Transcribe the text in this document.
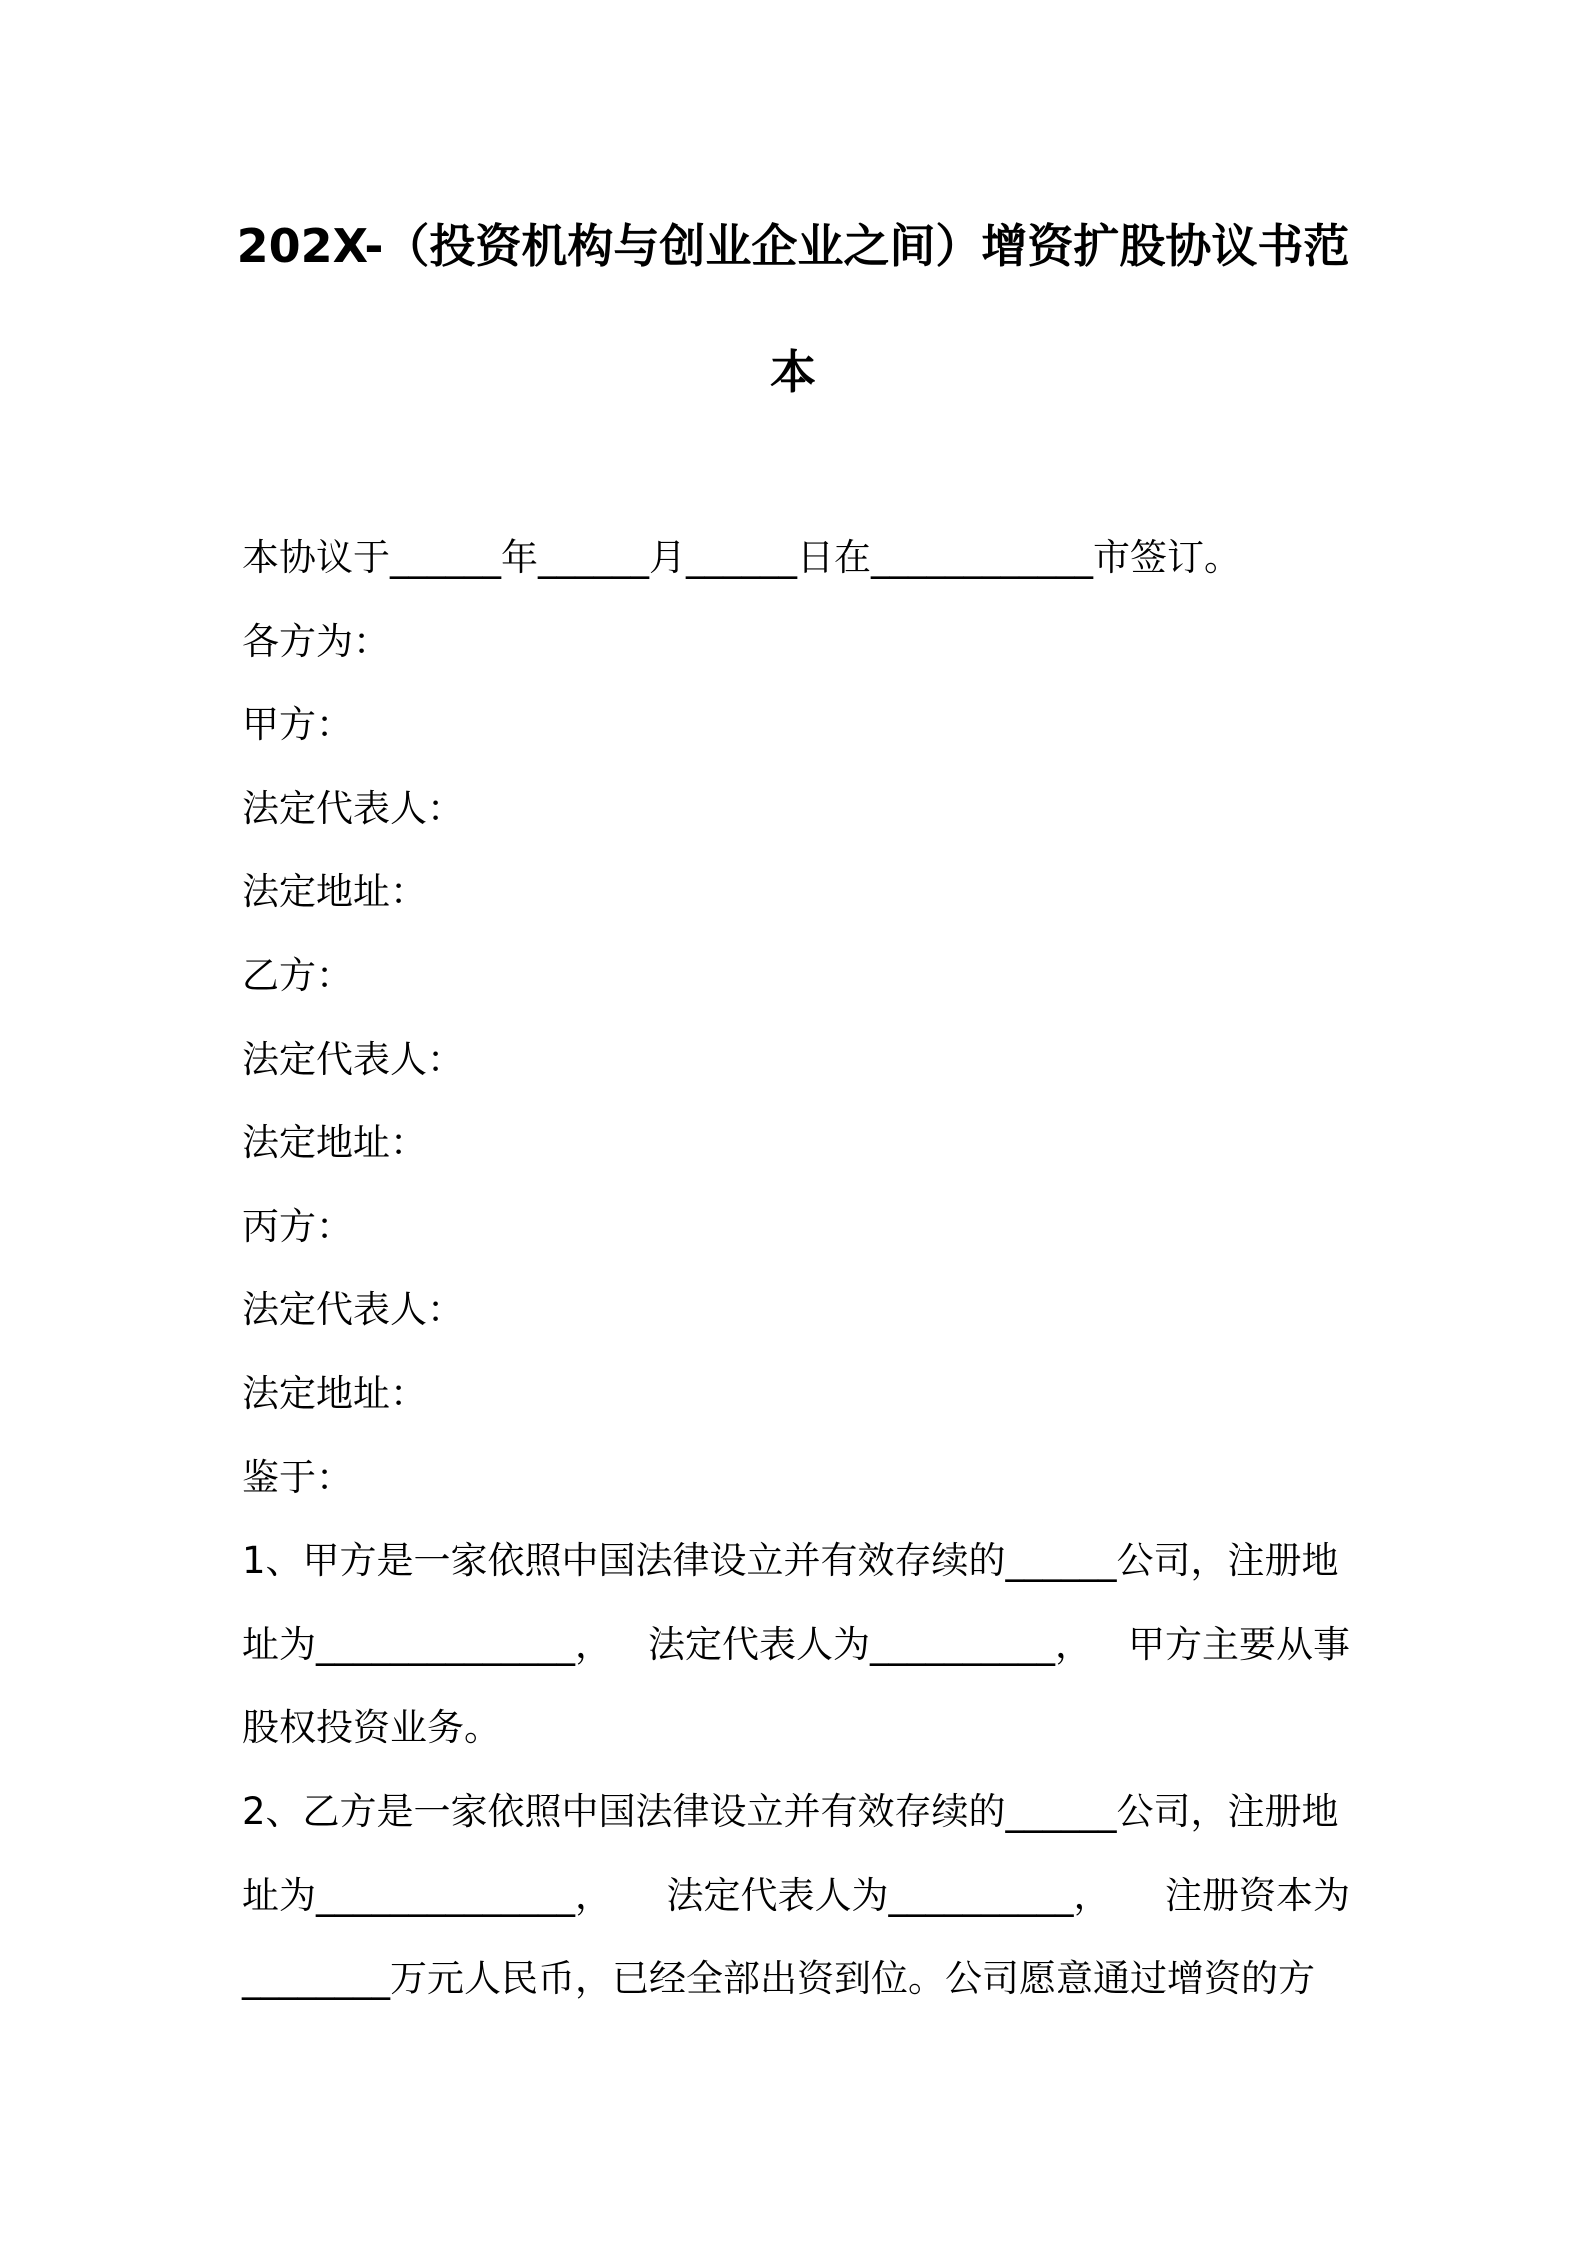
202X-（投资机构与创业企业之间）增资扩股协议书范
本
本协议于______年______月______日在____________市签订。
各方为：
甲方：
法定代表人：
法定地址：
乙方：
法定代表人：
法定地址：
丙方：
法定代表人：
法定地址：
鉴于：
1、甲方是一家依照中国法律设立并有效存续的______公司，注册地
址为______________， 法定代表人为__________， 甲方主要从事
股权投资业务。
2、乙方是一家依照中国法律设立并有效存续的______公司，注册地
址为______________， 法定代表人为__________， 注册资本为
________万元人民币，已经全部出资到位。公司愿意通过增资的方
